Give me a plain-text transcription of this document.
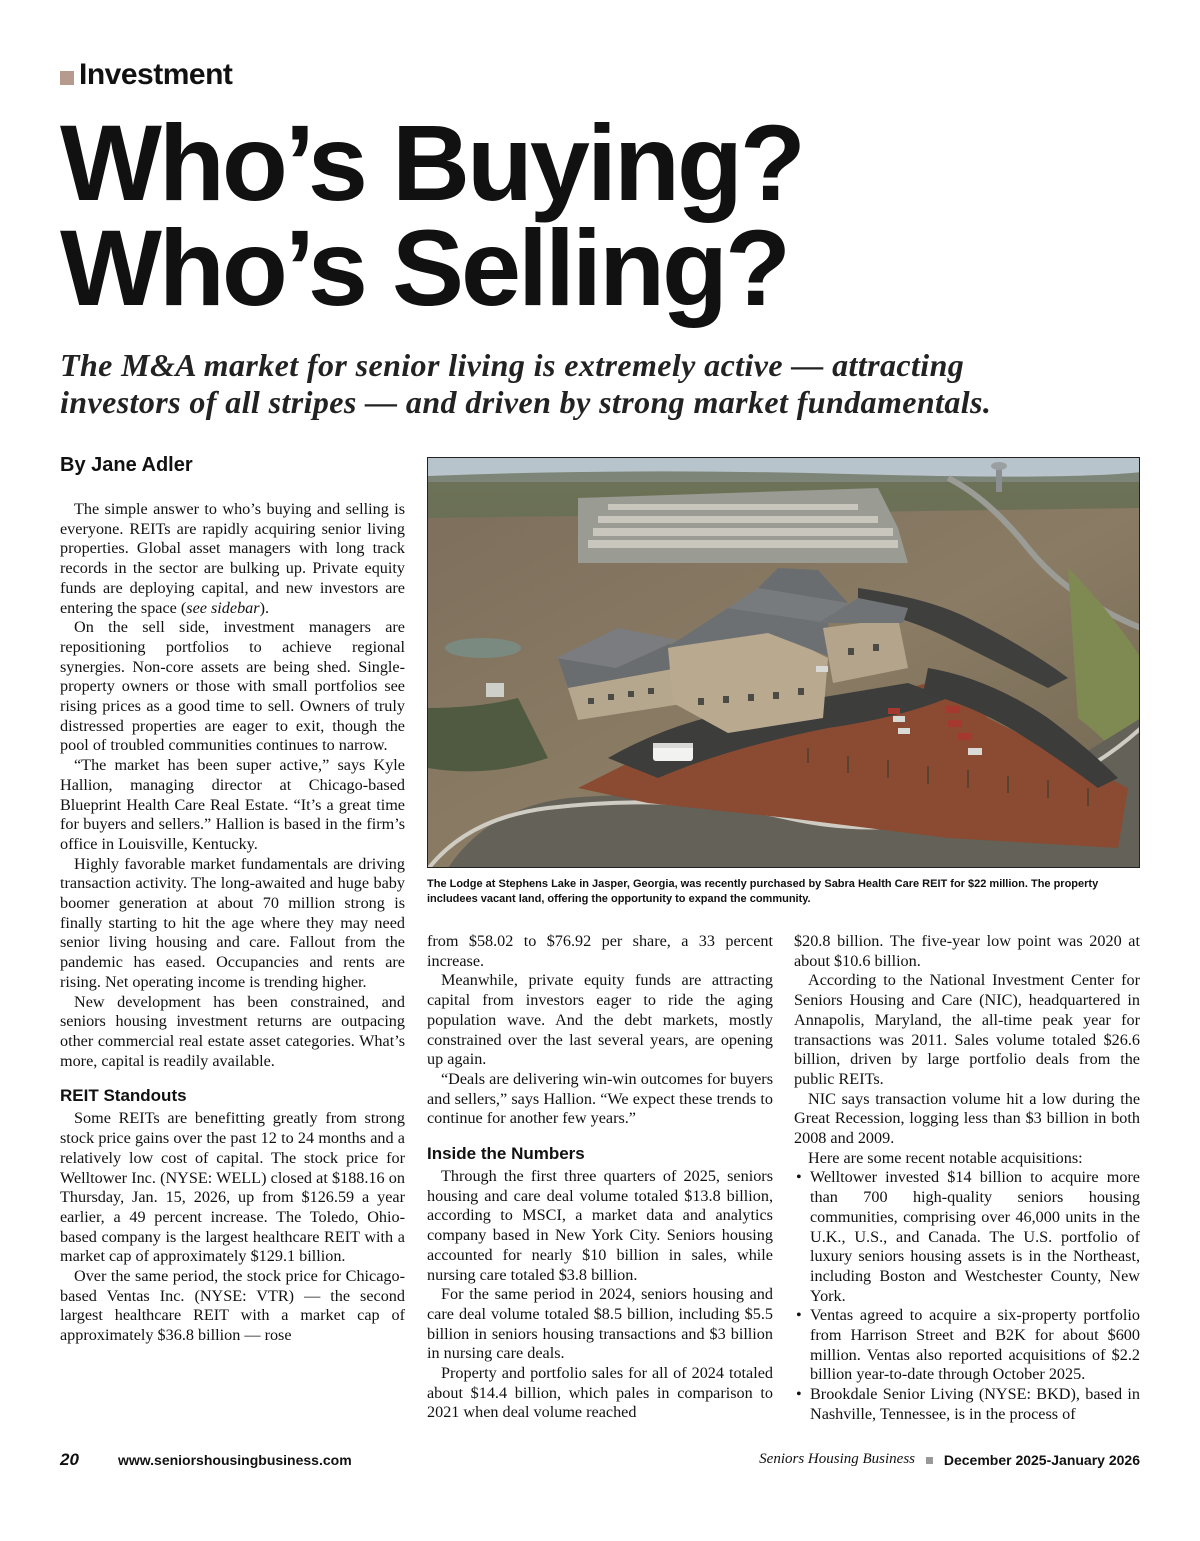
Investment
Who’s Buying?
Who’s Selling?
The M&A market for senior living is extremely active — attracting
investors of all stripes — and driven by strong market fundamentals.
By Jane Adler

The simple answer to who’s buying and selling is everyone. REITs are rapidly acquiring senior living properties. Global asset managers with long track records in the sector are bulking up. Private equity funds are deploying capital, and new investors are entering the space (see sidebar).

On the sell side, investment managers are repositioning portfolios to achieve regional synergies. Non-core assets are being shed. Single-property owners or those with small portfolios see rising prices as a good time to sell. Owners of truly distressed properties are eager to exit, though the pool of troubled communities continues to narrow.

“The market has been super active,” says Kyle Hallion, managing director at Chicago-based Blueprint Health Care Real Estate. “It’s a great time for buyers and sellers.” Hallion is based in the firm’s office in Louisville, Kentucky.

Highly favorable market fundamentals are driving transaction activity. The long-awaited and huge baby boomer generation at about 70 million strong is finally starting to hit the age where they may need senior living housing and care. Fallout from the pandemic has eased. Occupancies and rents are rising. Net operating income is trending higher.

New development has been constrained, and seniors housing investment returns are outpacing other commercial real estate asset categories. What’s more, capital is readily available.

REIT Standouts

Some REITs are benefitting greatly from strong stock price gains over the past 12 to 24 months and a relatively low cost of capital. The stock price for Welltower Inc. (NYSE: WELL) closed at $188.16 on Thursday, Jan. 15, 2026, up from $126.59 a year earlier, a 49 percent increase. The Toledo, Ohio-based company is the largest healthcare REIT with a market cap of approximately $129.1 billion.

Over the same period, the stock price for Chicago-based Ventas Inc. (NYSE: VTR) — the second largest healthcare REIT with a market cap of approximately $36.8 billion — rose

The Lodge at Stephens Lake in Jasper, Georgia, was recently purchased by Sabra Health Care REIT for $22 million. The property
includees vacant land, offering the opportunity to expand the community.

from $58.02 to $76.92 per share, a 33 percent increase.

Meanwhile, private equity funds are attracting capital from investors eager to ride the aging population wave. And the debt markets, mostly constrained over the last several years, are opening up again.

“Deals are delivering win-win outcomes for buyers and sellers,” says Hallion. “We expect these trends to continue for another few years.”

Inside the Numbers

Through the first three quarters of 2025, seniors housing and care deal volume totaled $13.8 billion, according to MSCI, a market data and analytics company based in New York City. Seniors housing accounted for nearly $10 billion in sales, while nursing care totaled $3.8 billion.

For the same period in 2024, seniors housing and care deal volume totaled $8.5 billion, including $5.5 billion in seniors housing transactions and $3 billion in nursing care deals.

Property and portfolio sales for all of 2024 totaled about $14.4 billion, which pales in comparison to 2021 when deal volume reached

$20.8 billion. The five-year low point was 2020 at about $10.6 billion.

According to the National Investment Center for Seniors Housing and Care (NIC), headquartered in Annapolis, Maryland, the all-time peak year for transactions was 2011. Sales volume totaled $26.6 billion, driven by large portfolio deals from the public REITs.

NIC says transaction volume hit a low during the Great Recession, logging less than $3 billion in both 2008 and 2009.

Here are some recent notable acquisitions:

• Welltower invested $14 billion to acquire more than 700 high-quality seniors housing communities, comprising over 46,000 units in the U.K., U.S., and Canada. The U.S. portfolio of luxury seniors housing assets is in the Northeast, including Boston and Westchester County, New York.
• Ventas agreed to acquire a six-property portfolio from Harrison Street and B2K for about $600 million. Ventas also reported acquisitions of $2.2 billion year-to-date through October 2025.
• Brookdale Senior Living (NYSE: BKD), based in Nashville, Tennessee, is in the process of
20	www.seniorshousingbusiness.com	Seniors Housing Business December 2025-January 2026
